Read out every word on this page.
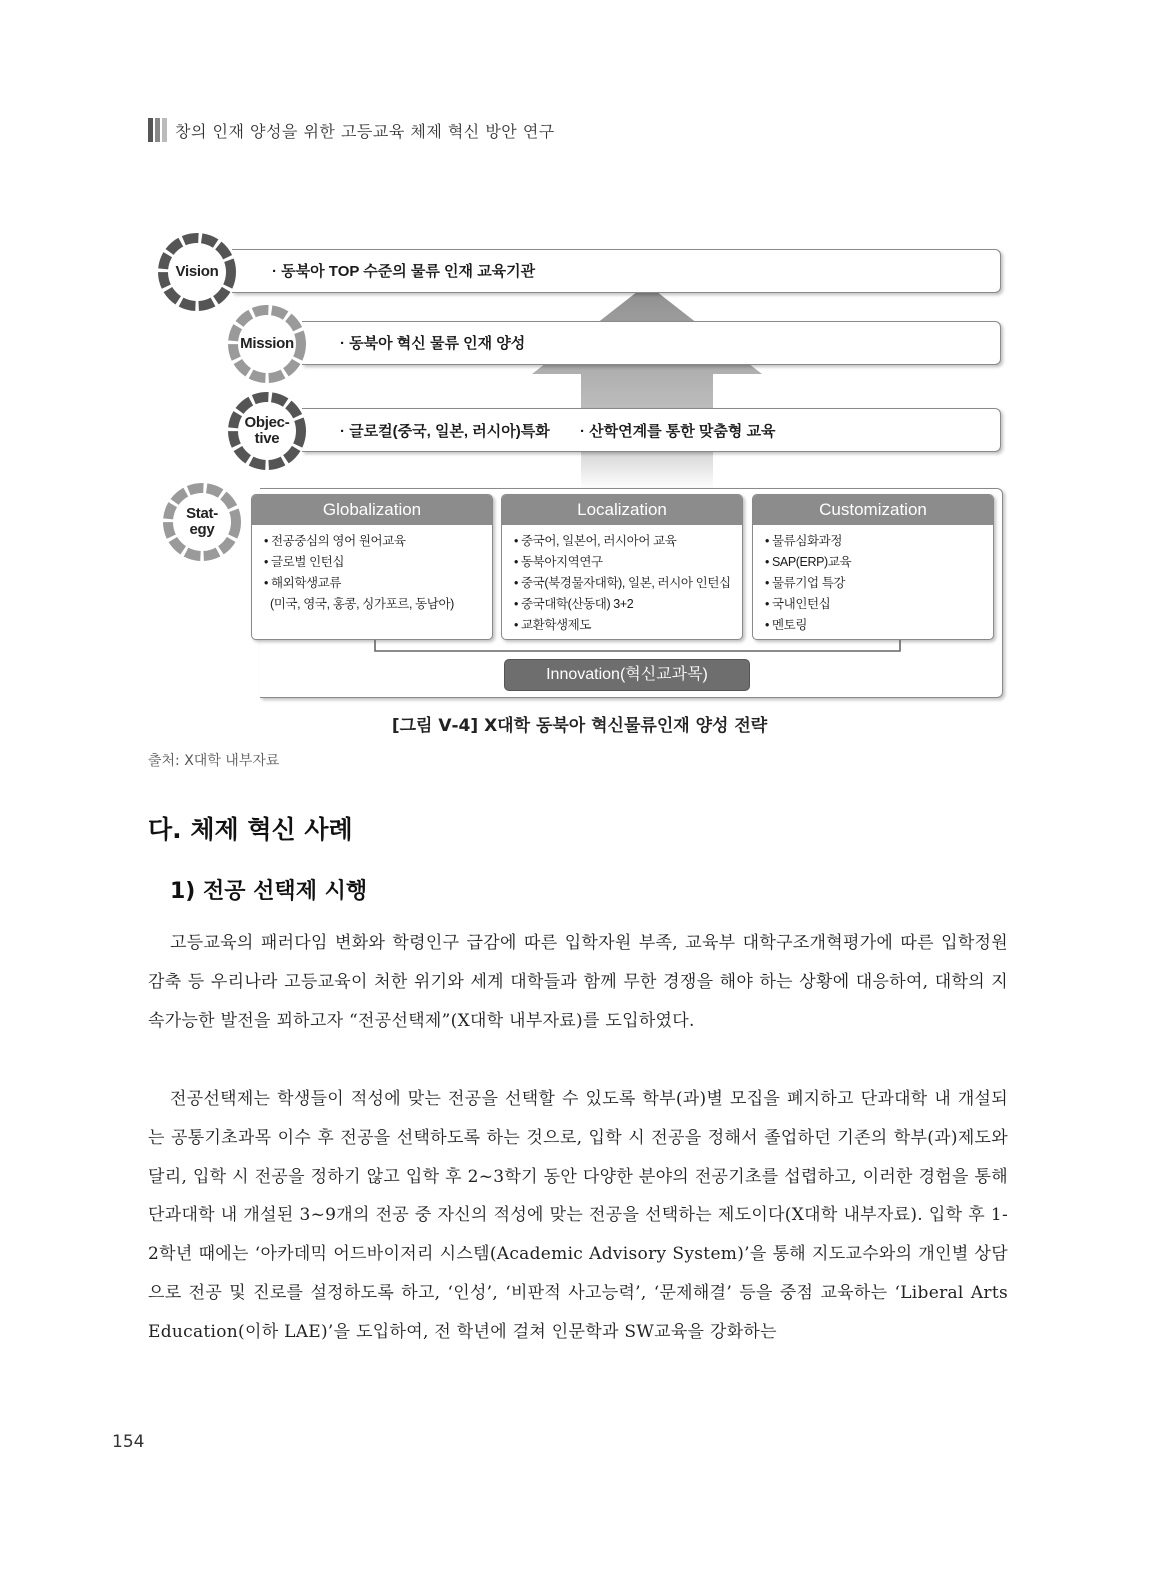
창의 인재 양성을 위한 고등교육 체제 혁신 방안 연구
· 동북아 TOP 수준의 물류 인재 교육기관
Vision
· 동북아 혁신 물류 인재 양성
Mission
· 글로컬(중국, 일본, 러시아)특화 · 산학연계를 통한 맞춤형 교육
Objec-
tive
Stat-
egy
Globalization
• 전공중심의 영어 원어교육
• 글로벌 인턴십
• 해외학생교류
(미국, 영국, 홍콩, 싱가포르, 동남아)
Localization
• 중국어, 일본어, 러시아어 교육
• 동북아지역연구
• 중국(북경물자대학), 일본, 러시아 인턴십
• 중국대학(산동대) 3+2
• 교환학생제도
Customization
• 물류심화과정
• SAP(ERP)교육
• 물류기업 특강
• 국내인턴십
• 멘토링
Innovation(혁신교과목)
[그림 Ⅴ-4] X대학 동북아 혁신물류인재 양성 전략
출처: X대학 내부자료
다. 체제 혁신 사례
1) 전공 선택제 시행

고등교육의 패러다임 변화와 학령인구 급감에 따른 입학자원 부족, 교육부 대학구조개혁평가에 따른 입학정원 감축 등 우리나라 고등교육이 처한 위기와 세계 대학들과 함께 무한 경쟁을 해야 하는 상황에 대응하여, 대학의 지속가능한 발전을 꾀하고자 “전공선택제”(X대학 내부자료)를 도입하였다.

전공선택제는 학생들이 적성에 맞는 전공을 선택할 수 있도록 학부(과)별 모집을 폐지하고 단과대학 내 개설되는 공통기초과목 이수 후 전공을 선택하도록 하는 것으로, 입학 시 전공을 정해서 졸업하던 기존의 학부(과)제도와 달리, 입학 시 전공을 정하기 않고 입학 후 2~3학기 동안 다양한 분야의 전공기초를 섭렵하고, 이러한 경험을 통해 단과대학 내 개설된 3~9개의 전공 중 자신의 적성에 맞는 전공을 선택하는 제도이다(X대학 내부자료). 입학 후 1-2학년 때에는 ‘아카데믹 어드바이저리 시스템(Academic Advisory System)’을 통해 지도교수와의 개인별 상담으로 전공 및 진로를 설정하도록 하고, ‘인성’, ‘비판적 사고능력’, ‘문제해결’ 등을 중점 교육하는 ‘Liberal Arts Education(이하 LAE)’을 도입하여, 전 학년에 걸쳐 인문학과 SW교육을 강화하는

154
